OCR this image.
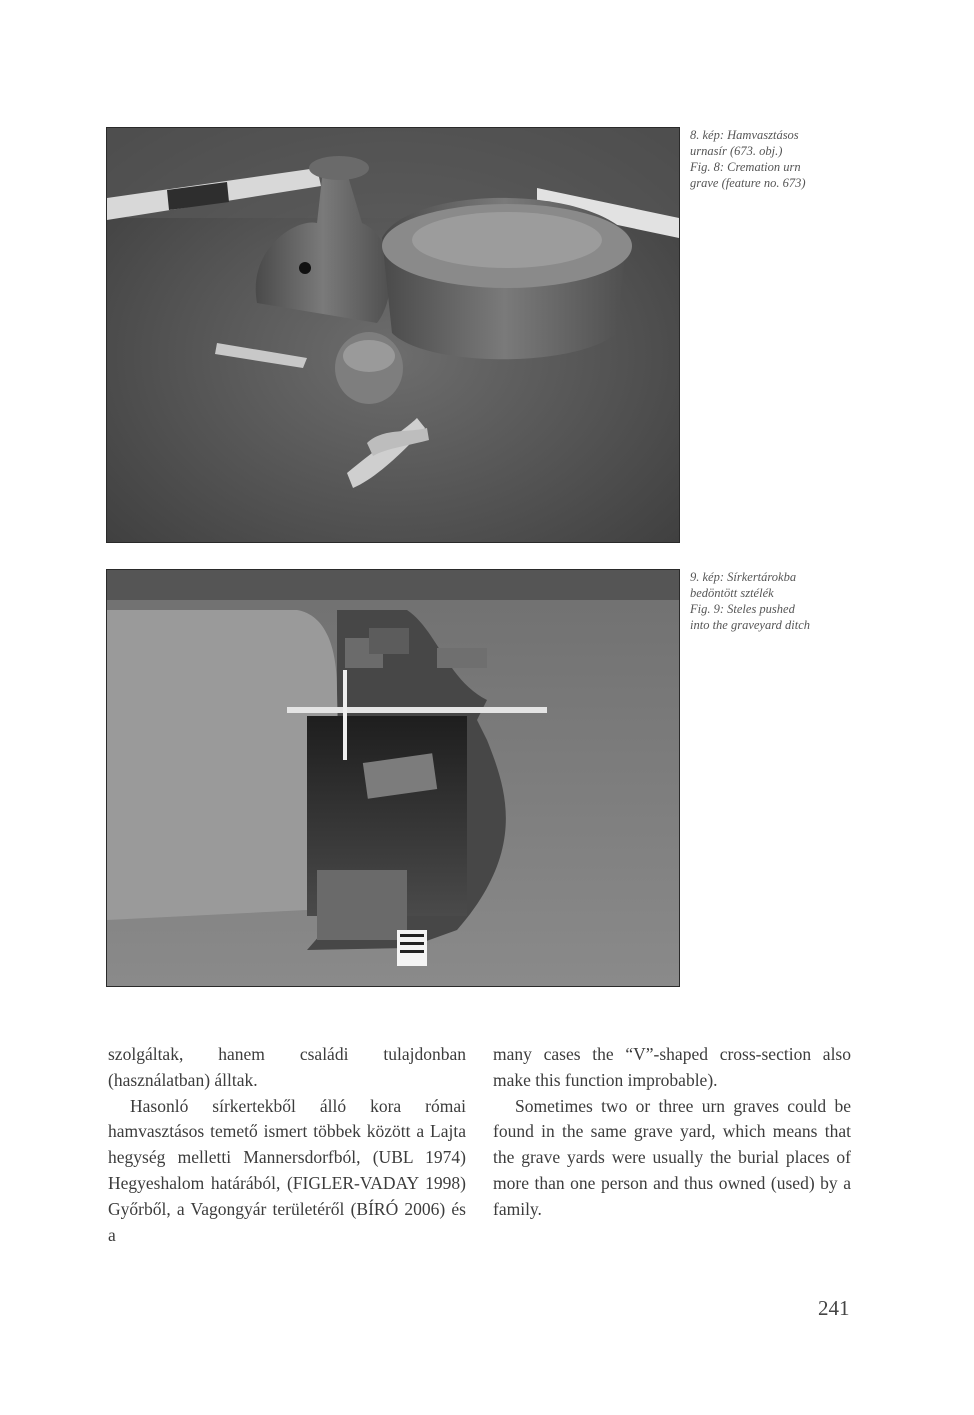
8. kép: Hamvasztásos
urnasír (673. obj.)
Fig. 8: Cremation urn
grave (feature no. 673)
9. kép: Sírkertárokba
bedöntött sztélék
Fig. 9: Steles pushed
into the graveyard ditch

szolgáltak, hanem családi tulajdonban (használatban) álltak.

Hasonló sírkertekből álló kora római hamvasztásos temető ismert többek között a Lajta hegység melletti Mannersdorfból, (UBL 1974) Hegyeshalom határából, (FIGLER-VADAY 1998) Győrből, a Vagongyár területéről (BÍRÓ 2006) és a

many cases the “V”-shaped cross-section also make this function improbable).

Sometimes two or three urn graves could be found in the same grave yard, which means that the grave yards were usually the burial places of more than one person and thus owned (used) by a family.

241
